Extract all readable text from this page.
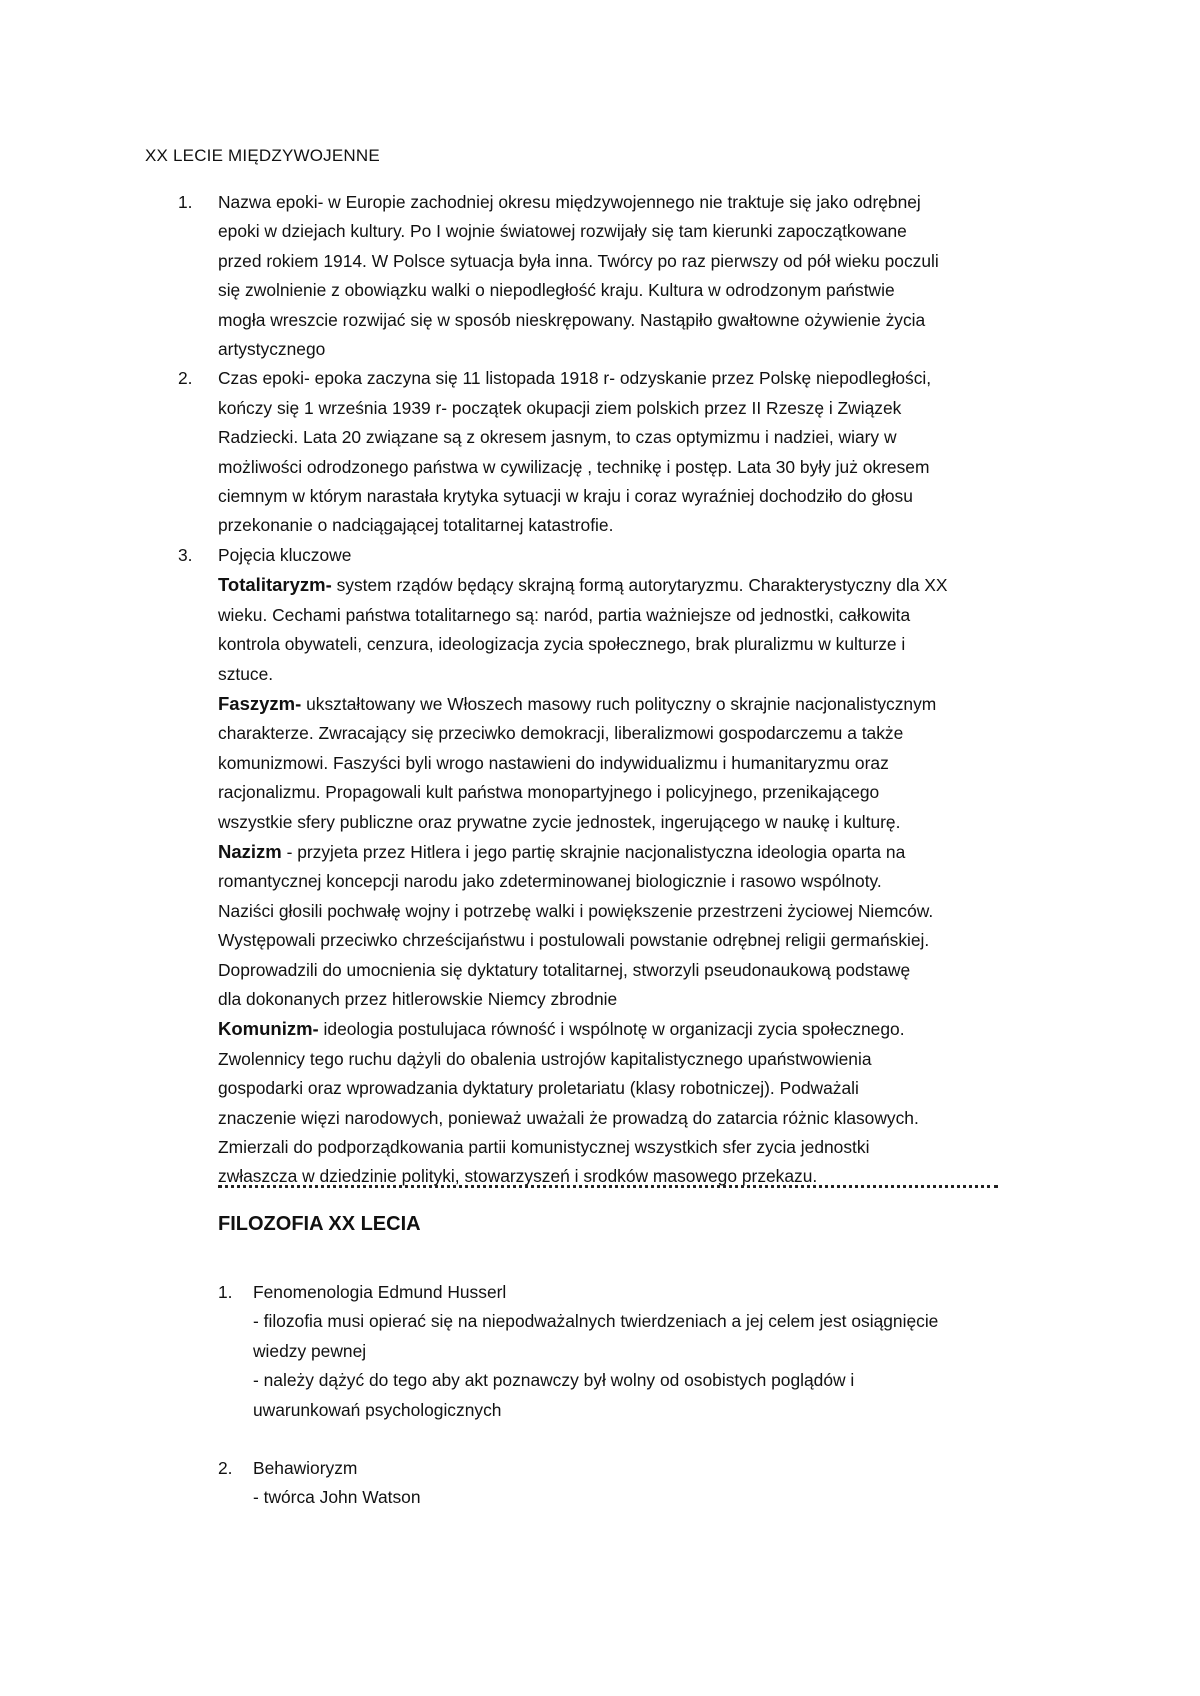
XX LECIE MIĘDZYWOJENNE
1. Nazwa epoki- w Europie zachodniej okresu międzywojennego nie traktuje się jako odrębnej
epoki w dziejach kultury. Po I wojnie światowej rozwijały się tam kierunki zapoczątkowane
przed rokiem 1914. W Polsce sytuacja była inna. Twórcy po raz pierwszy od pół wieku poczuli
się zwolnienie z obowiązku walki o niepodległość kraju. Kultura w odrodzonym państwie
mogła wreszcie rozwijać się w sposób nieskrępowany. Nastąpiło gwałtowne ożywienie życia
artystycznego
2. Czas epoki- epoka zaczyna się 11 listopada 1918 r- odzyskanie przez Polskę niepodległości,
kończy się 1 września 1939 r- początek okupacji ziem polskich przez II Rzeszę i Związek
Radziecki. Lata 20 związane są z okresem jasnym, to czas optymizmu i nadziei, wiary w
możliwości odrodzonego państwa w cywilizację , technikę i postęp. Lata 30 były już okresem
ciemnym w którym narastała krytyka sytuacji w kraju i coraz wyraźniej dochodziło do głosu
przekonanie o nadciągającej totalitarnej katastrofie.
3. Pojęcia kluczowe
Totalitaryzm- system rządów będący skrajną formą autorytaryzmu. Charakterystyczny dla XX
wieku. Cechami państwa totalitarnego są: naród, partia ważniejsze od jednostki, całkowita
kontrola obywateli, cenzura, ideologizacja zycia społecznego, brak pluralizmu w kulturze i
sztuce.
Faszyzm- ukształtowany we Włoszech masowy ruch polityczny o skrajnie nacjonalistycznym
charakterze. Zwracający się przeciwko demokracji, liberalizmowi gospodarczemu a także
komunizmowi. Faszyści byli wrogo nastawieni do indywidualizmu i humanitaryzmu oraz
racjonalizmu. Propagowali kult państwa monopartyjnego i policyjnego, przenikającego
wszystkie sfery publiczne oraz prywatne zycie jednostek, ingerującego w naukę i kulturę.
Nazizm - przyjeta przez Hitlera i jego partię skrajnie nacjonalistyczna ideologia oparta na
romantycznej koncepcji narodu jako zdeterminowanej biologicznie i rasowo wspólnoty.
Naziści głosili pochwałę wojny i potrzebę walki i powiększenie przestrzeni życiowej Niemców.
Występowali przeciwko chrześcijaństwu i postulowali powstanie odrębnej religii germańskiej.
Doprowadzili do umocnienia się dyktatury totalitarnej, stworzyli pseudonaukową podstawę
dla dokonanych przez hitlerowskie Niemcy zbrodnie
Komunizm- ideologia postulujaca równość i wspólnotę w organizacji zycia społecznego.
Zwolennicy tego ruchu dążyli do obalenia ustrojów kapitalistycznego upaństwowienia
gospodarki oraz wprowadzania dyktatury proletariatu (klasy robotniczej). Podważali
znaczenie więzi narodowych, ponieważ uważali że prowadzą do zatarcia różnic klasowych.
Zmierzali do podporządkowania partii komunistycznej wszystkich sfer zycia jednostki
zwłaszcza w dziedzinie polityki, stowarzyszeń i srodków masowego przekazu.
FILOZOFIA XX LECIA
1. Fenomenologia Edmund Husserl
- filozofia musi opierać się na niepodważalnych twierdzeniach a jej celem jest osiągnięcie
wiedzy pewnej
- należy dążyć do tego aby akt poznawczy był wolny od osobistych poglądów i
uwarunkowań psychologicznych
2. Behawioryzm
- twórca John Watson
